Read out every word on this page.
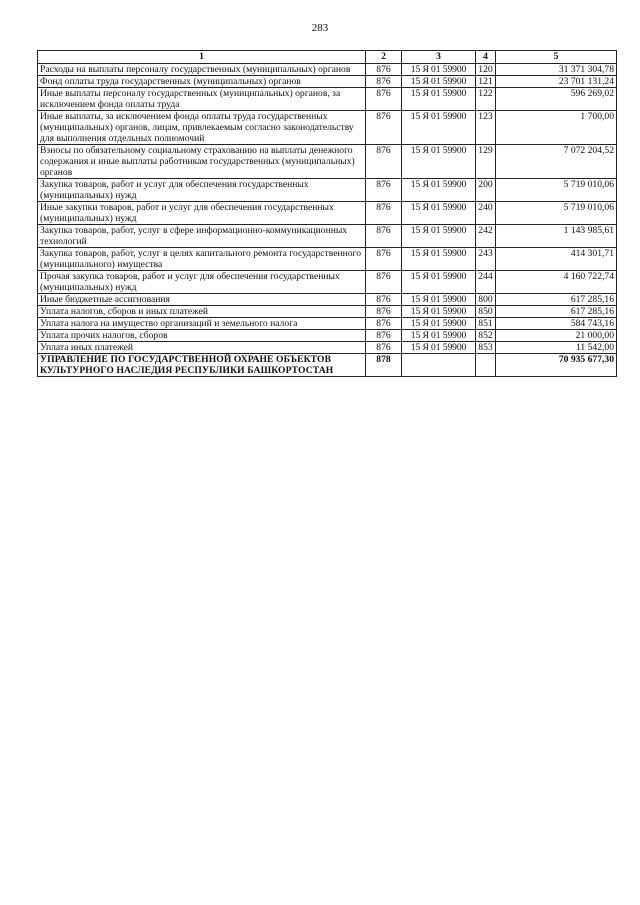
283
1	2	3	4	5
Расходы на выплаты персоналу государственных (муниципальных) органов	876	15 Я 01 59900	120	31 371 304,78
Фонд оплаты труда государственных (муниципальных) органов	876	15 Я 01 59900	121	23 701 131,24
Иные выплаты персоналу государственных (муниципальных) органов, за исключением фонда оплаты труда	876	15 Я 01 59900	122	596 269,02
Иные выплаты, за исключением фонда оплаты труда государственных (муниципальных) органов, лицам, привлекаемым согласно законодательству для выполнения отдельных полномочий	876	15 Я 01 59900	123	1 700,00
Взносы по обязательному социальному страхованию на выплаты денежного содержания и иные выплаты работникам государственных (муниципальных) органов	876	15 Я 01 59900	129	7 072 204,52
Закупка товаров, работ и услуг для обеспечения государственных (муниципальных) нужд	876	15 Я 01 59900	200	5 719 010,06
Иные закупки товаров, работ и услуг для обеспечения государственных (муниципальных) нужд	876	15 Я 01 59900	240	5 719 010,06
Закупка товаров, работ, услуг в сфере информационно-коммуникационных технологий	876	15 Я 01 59900	242	1 143 985,61
Закупка товаров, работ, услуг в целях капитального ремонта государственного (муниципального) имущества	876	15 Я 01 59900	243	414 301,71
Прочая закупка товаров, работ и услуг для обеспечения государственных (муниципальных) нужд	876	15 Я 01 59900	244	4 160 722,74
Иные бюджетные ассигнования	876	15 Я 01 59900	800	617 285,16
Уплата налогов, сборов и иных платежей	876	15 Я 01 59900	850	617 285,16
Уплата налога на имущество организаций и земельного налога	876	15 Я 01 59900	851	584 743,16
Уплата прочих налогов, сборов	876	15 Я 01 59900	852	21 000,00
Уплата иных платежей	876	15 Я 01 59900	853	11 542,00
УПРАВЛЕНИЕ ПО ГОСУДАРСТВЕННОЙ ОХРАНЕ ОБЪЕКТОВ КУЛЬТУРНОГО НАСЛЕДИЯ РЕСПУБЛИКИ БАШКОРТОСТАН	878			70 935 677,30
